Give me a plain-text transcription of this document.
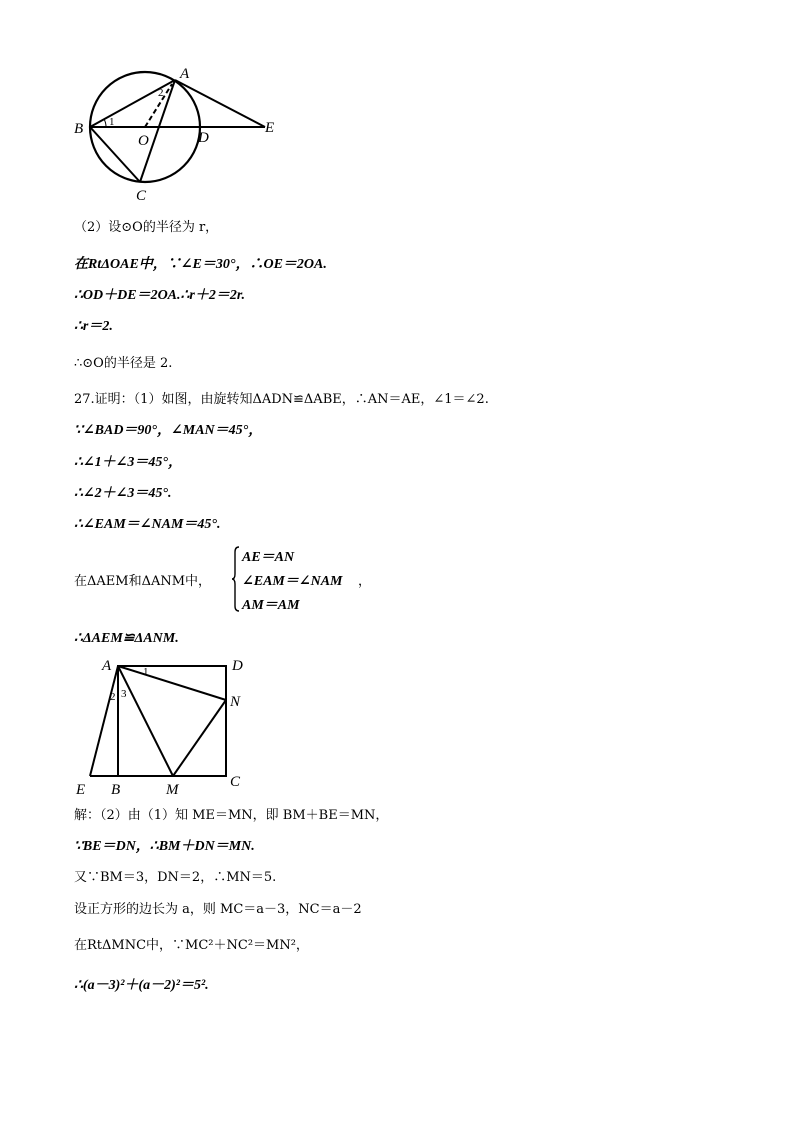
A
B
O	D
E
C
1
2
（2）设⊙O的半径为 r，
在RtΔOAE中，∵∠E＝30°，∴OE＝2OA.
∴OD＋DE＝2OA.∴r＋2＝2r.
∴r＝2.
∴⊙O的半径是 2.
27.证明：（1）如图，由旋转知ΔADN≌ΔABE，∴AN＝AE，∠1＝∠2.
∵∠BAD＝90°，∠MAN＝45°，
∴∠1＋∠3＝45°，
∴∠2＋∠3＝45°.
∴∠EAM＝∠NAM＝45°.
在ΔAEM和ΔANM中，
AE＝AN
∠EAM＝∠NAM
AM＝AM
，
∴ΔAEM≌ΔANM.
A	D
N
E B	M	C
1
2 3
解：（2）由（1）知 ME＝MN，即 BM＋BE＝MN，
∵BE＝DN，∴BM＋DN＝MN.
又∵BM＝3，DN＝2，∴MN＝5.
设正方形的边长为 a，则 MC＝a－3，NC＝a－2
在RtΔMNC中，∵MC²＋NC²＝MN²，
∴(a－3)²＋(a－2)²＝5².
